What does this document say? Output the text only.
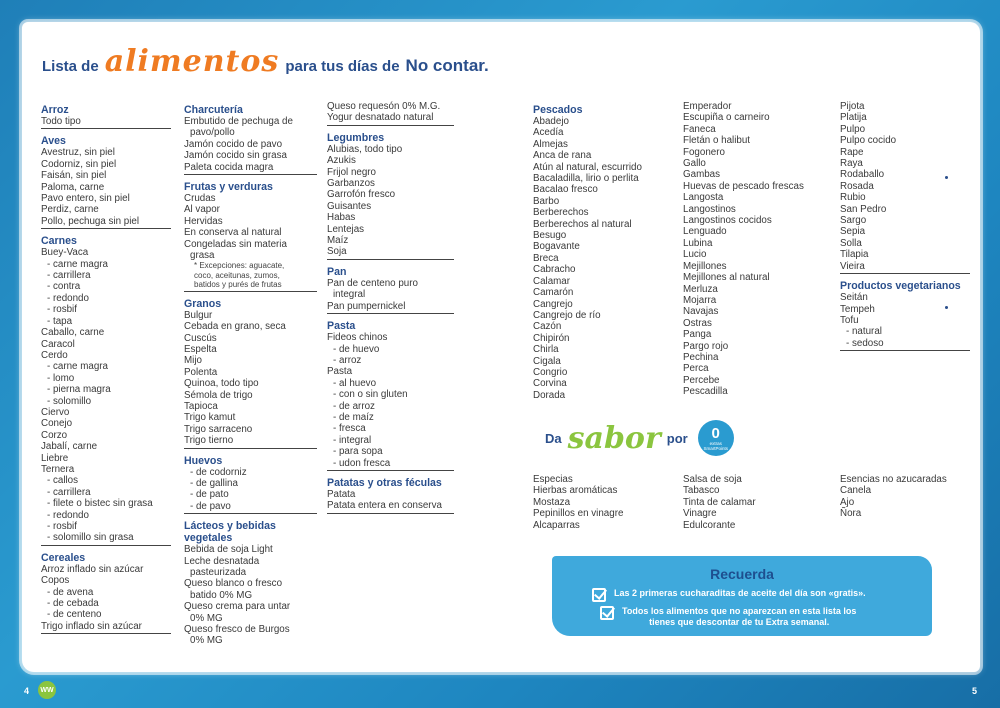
Lista de alimentos para tus días de No contar.
Arroz
Todo tipo
Aves
Avestruz, sin piel
Codorniz, sin piel
Faisán, sin piel
Paloma, carne
Pavo entero, sin piel
Perdiz, carne
Pollo, pechuga sin piel
Carnes
Buey-Vaca
- carne magra
- carrillera
- contra
- redondo
- rosbif
- tapa
Caballo, carne
Caracol
Cerdo
- carne magra
- lomo
- pierna magra
- solomillo
Ciervo
Conejo
Corzo
Jabalí, carne
Liebre
Ternera
- callos
- carrillera
- filete o bistec sin grasa
- redondo
- rosbif
- solomillo sin grasa
Cereales
Arroz inflado sin azúcar
Copos
- de avena
- de cebada
- de centeno
Trigo inflado sin azúcar
Charcutería
Embutido de pechuga de
pavo/pollo
Jamón cocido de pavo
Jamón cocido sin grasa
Paleta cocida magra
Frutas y verduras
Crudas
Al vapor
Hervidas
En conserva al natural
Congeladas sin materia
grasa
* Excepciones: aguacate,
coco, aceitunas, zumos,
batidos y purés de frutas
Granos
Bulgur
Cebada en grano, seca
Cuscús
Espelta
Mijo
Polenta
Quinoa, todo tipo
Sémola de trigo
Tapioca
Trigo kamut
Trigo sarraceno
Trigo tierno
Huevos
- de codorniz
- de gallina
- de pato
- de pavo
Lácteos y bebidas
vegetales
Bebida de soja Light
Leche desnatada
pasteurizada
Queso blanco o fresco
batido 0% MG
Queso crema para untar
0% MG
Queso fresco de Burgos
0% MG
Queso requesón 0% M.G.
Yogur desnatado natural
Legumbres
Alubias, todo tipo
Azukis
Frijol negro
Garbanzos
Garrofón fresco
Guisantes
Habas
Lentejas
Maíz
Soja
Pan
Pan de centeno puro
integral
Pan pumpernickel
Pasta
Fideos chinos
- de huevo
- arroz
Pasta
- al huevo
- con o sin gluten
- de arroz
- de maíz
- fresca
- integral
- para sopa
- udon fresca
Patatas y otras féculas
Patata
Patata entera en conserva
Pescados
Abadejo
Acedía
Almejas
Anca de rana
Atún al natural, escurrido
Bacaladilla, lirio o perlita
Bacalao fresco
Barbo
Berberechos
Berberechos al natural
Besugo
Bogavante
Breca
Cabracho
Calamar
Camarón
Cangrejo
Cangrejo de río
Cazón
Chipirón
Chirla
Cigala
Congrio
Corvina
Dorada
Emperador
Escupiña o carneiro
Faneca
Fletán o halibut
Fogonero
Gallo
Gambas
Huevas de pescado frescas
Langosta
Langostinos
Langostinos cocidos
Lenguado
Lubina
Lucio
Mejillones
Mejillones al natural
Merluza
Mojarra
Navajas
Ostras
Panga
Pargo rojo
Pechina
Perca
Percebe
Pescadilla
Pijota
Platija
Pulpo
Pulpo cocido
Rape
Raya
Rodaballo
Rosada
Rubio
San Pedro
Sargo
Sepia
Solla
Tilapia
Vieira
Productos vegetarianos
Seitán
Tempeh
Tofu
- natural
- sedoso
Da sabor por 0
extras SmartPoints
Especias
Hierbas aromáticas
Mostaza
Pepinillos en vinagre
Alcaparras
Salsa de soja
Tabasco
Tinta de calamar
Vinagre
Edulcorante
Esencias no azucaradas
Canela
Ajo
Ñora
Recuerda
Las 2 primeras cucharaditas de aceite del día son «gratis».
Todos los alimentos que no aparezcan en esta lista los
tienes que descontar de tu Extra semanal.
4 WW	5
